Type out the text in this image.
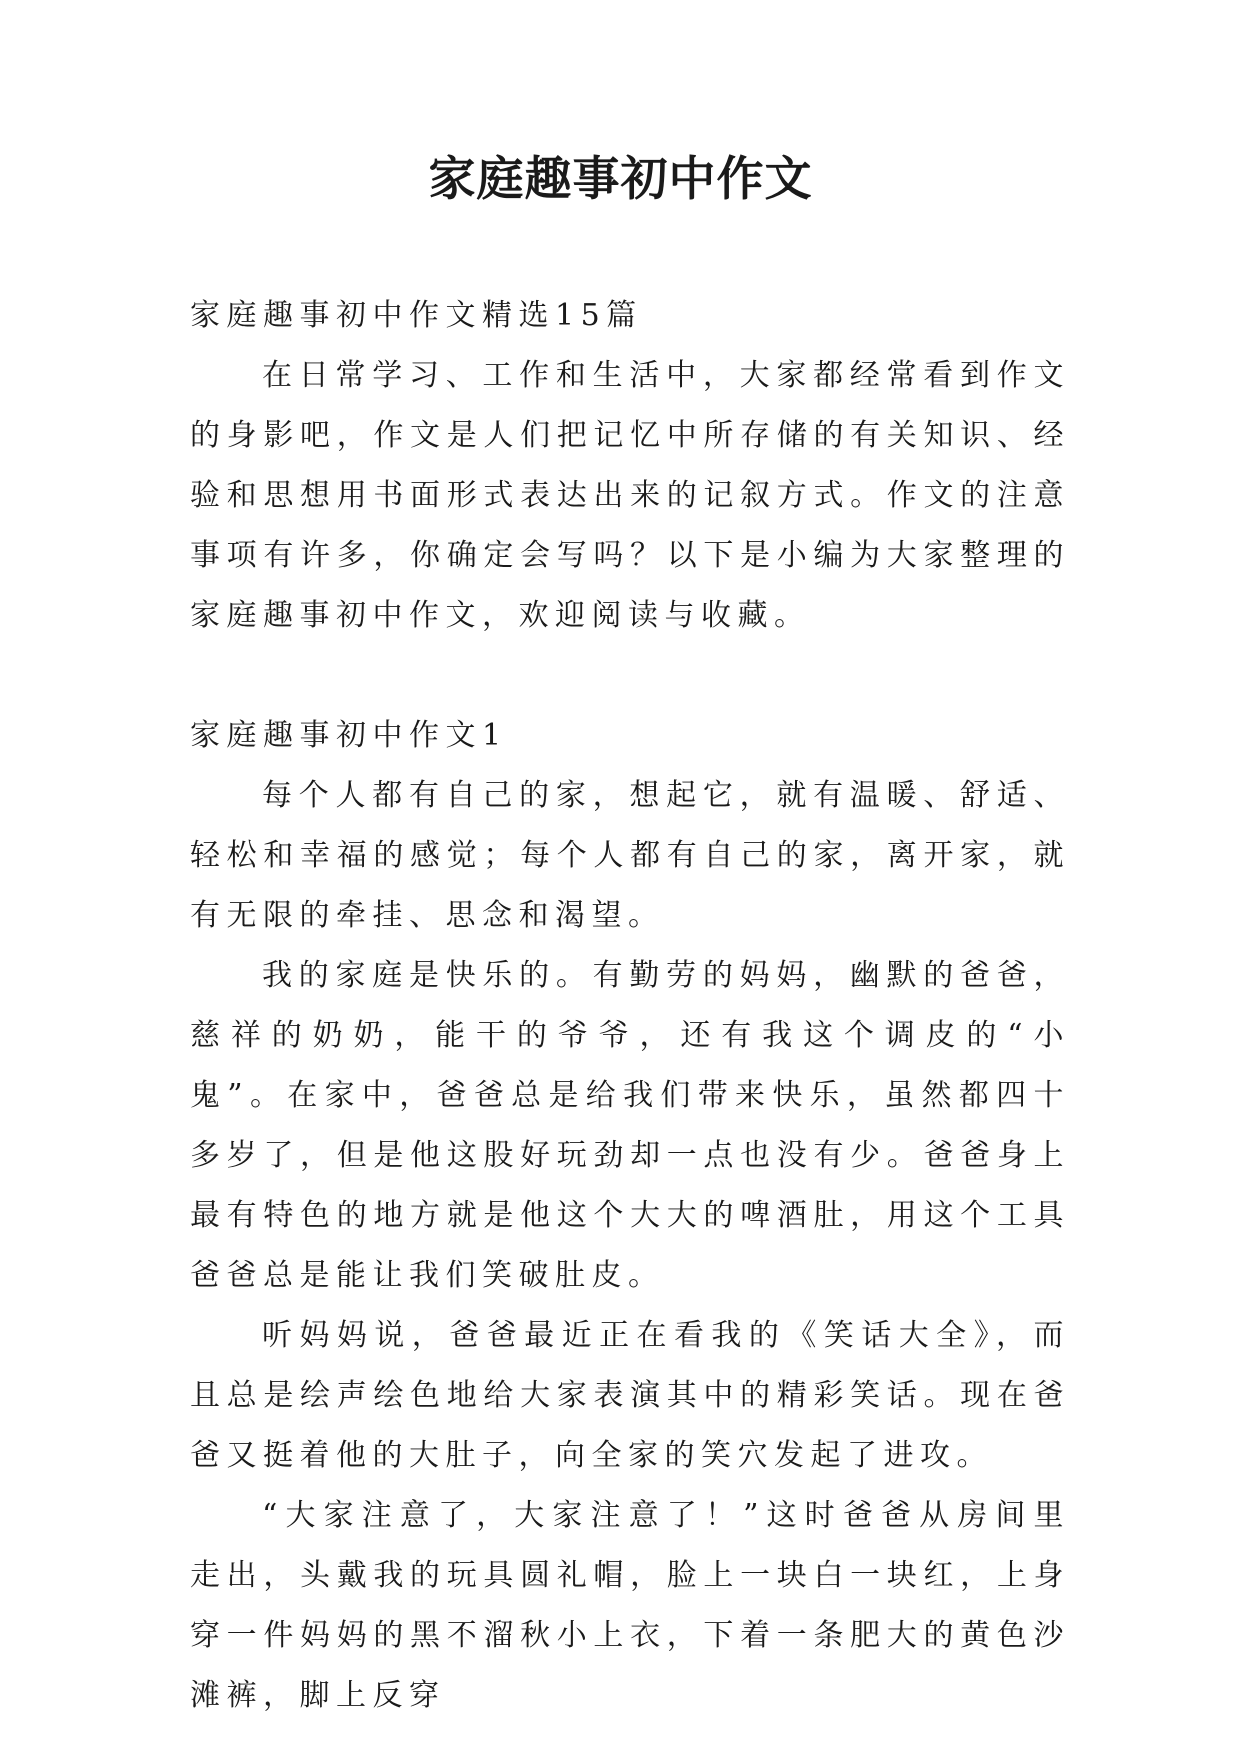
家庭趣事初中作文

家庭趣事初中作文精选15篇

在日常学习、工作和生活中，大家都经常看到作文的身影吧，作文是人们把记忆中所存储的有关知识、经验和思想用书面形式表达出来的记叙方式。作文的注意事项有许多，你确定会写吗？以下是小编为大家整理的家庭趣事初中作文，欢迎阅读与收藏。

家庭趣事初中作文1

每个人都有自己的家，想起它，就有温暖、舒适、轻松和幸福的感觉；每个人都有自己的家，离开家，就有无限的牵挂、思念和渴望。

我的家庭是快乐的。有勤劳的妈妈，幽默的爸爸，慈祥的奶奶，能干的爷爷，还有我这个调皮的“小鬼”。在家中，爸爸总是给我们带来快乐，虽然都四十多岁了，但是他这股好玩劲却一点也没有少。爸爸身上最有特色的地方就是他这个大大的啤酒肚，用这个工具爸爸总是能让我们笑破肚皮。

听妈妈说，爸爸最近正在看我的《笑话大全》，而且总是绘声绘色地给大家表演其中的精彩笑话。现在爸爸又挺着他的大肚子，向全家的笑穴发起了进攻。

“大家注意了，大家注意了！”这时爸爸从房间里走出，头戴我的玩具圆礼帽，脸上一块白一块红，上身穿一件妈妈的黑不溜秋小上衣，下着一条肥大的黄色沙滩裤，脚上反穿
